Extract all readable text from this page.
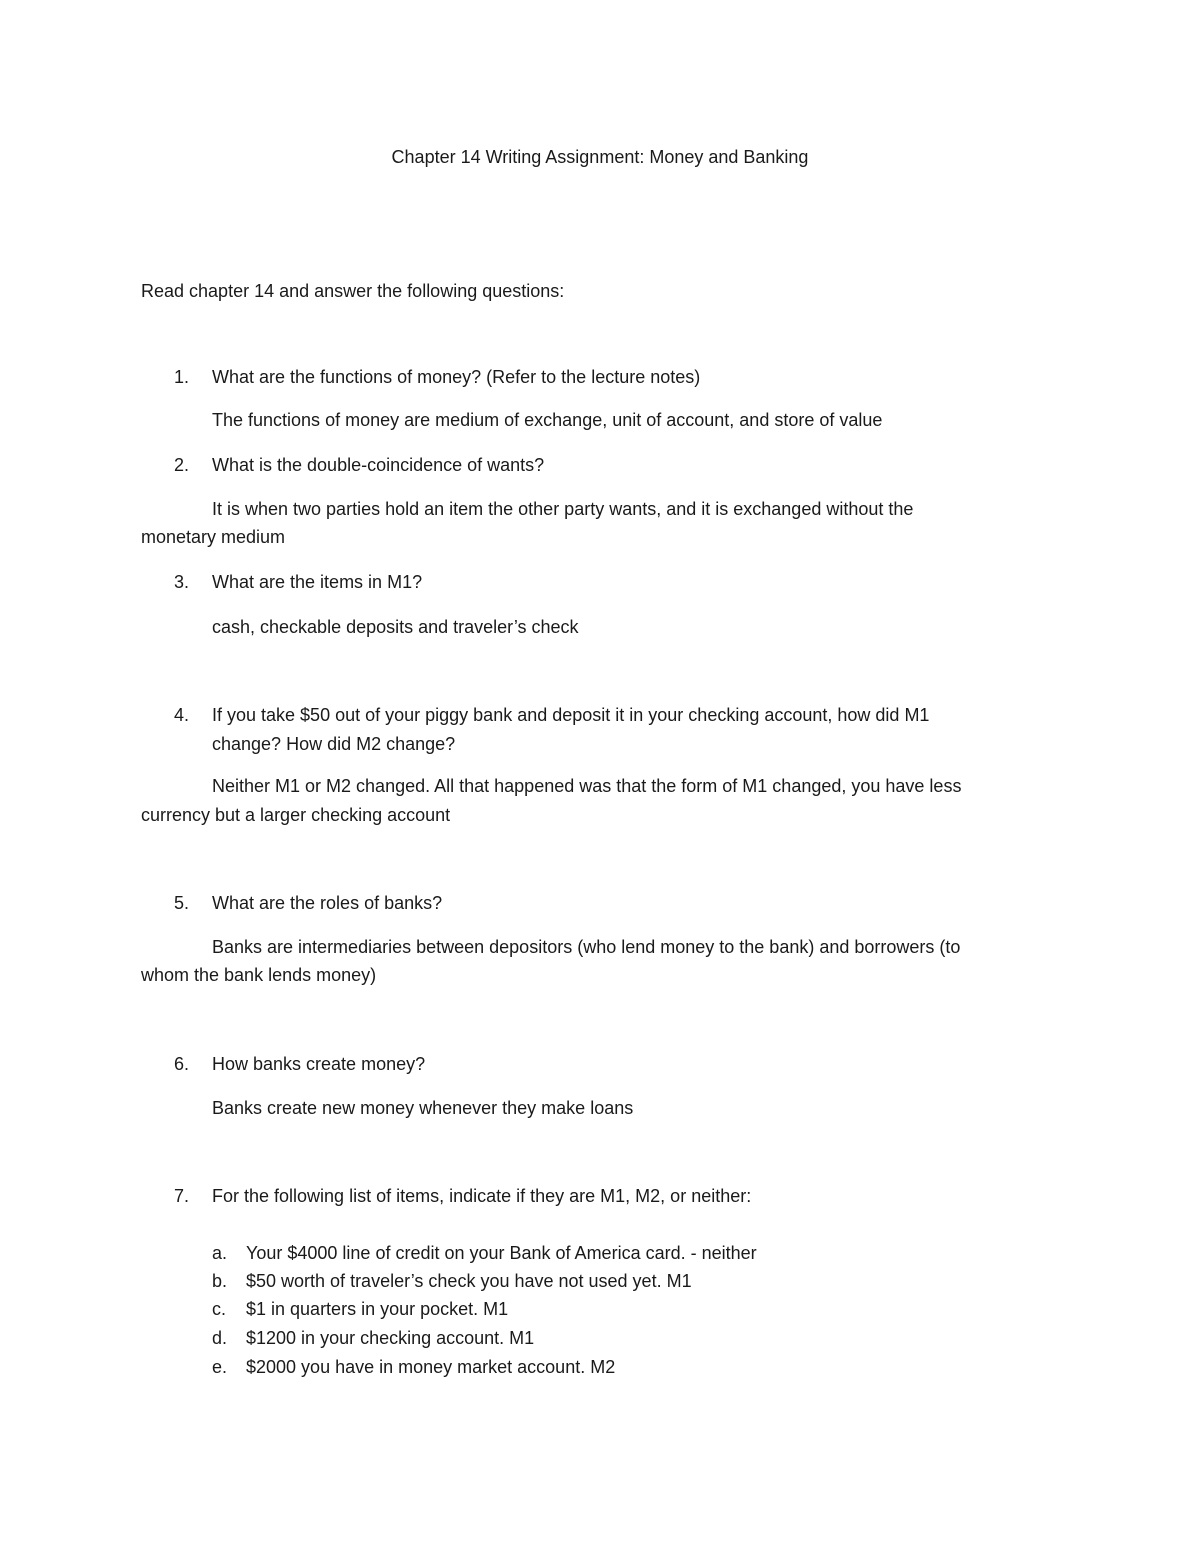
Chapter 14 Writing Assignment: Money and Banking
Read chapter 14 and answer the following questions:
1. What are the functions of money? (Refer to the lecture notes)
The functions of money are medium of exchange, unit of account, and store of value
2. What is the double-coincidence of wants?
It is when two parties hold an item the other party wants, and it is exchanged without the
monetary medium
3. What are the items in M1?
cash, checkable deposits and traveler’s check
4. If you take $50 out of your piggy bank and deposit it in your checking account, how did M1
change? How did M2 change?
Neither M1 or M2 changed. All that happened was that the form of M1 changed, you have less
currency but a larger checking account
5. What are the roles of banks?
Banks are intermediaries between depositors (who lend money to the bank) and borrowers (to
whom the bank lends money)
6. How banks create money?
Banks create new money whenever they make loans
7. For the following list of items, indicate if they are M1, M2, or neither:
a. Your $4000 line of credit on your Bank of America card. - neither
b. $50 worth of traveler’s check you have not used yet. M1
c. $1 in quarters in your pocket. M1
d. $1200 in your checking account. M1
e. $2000 you have in money market account. M2
